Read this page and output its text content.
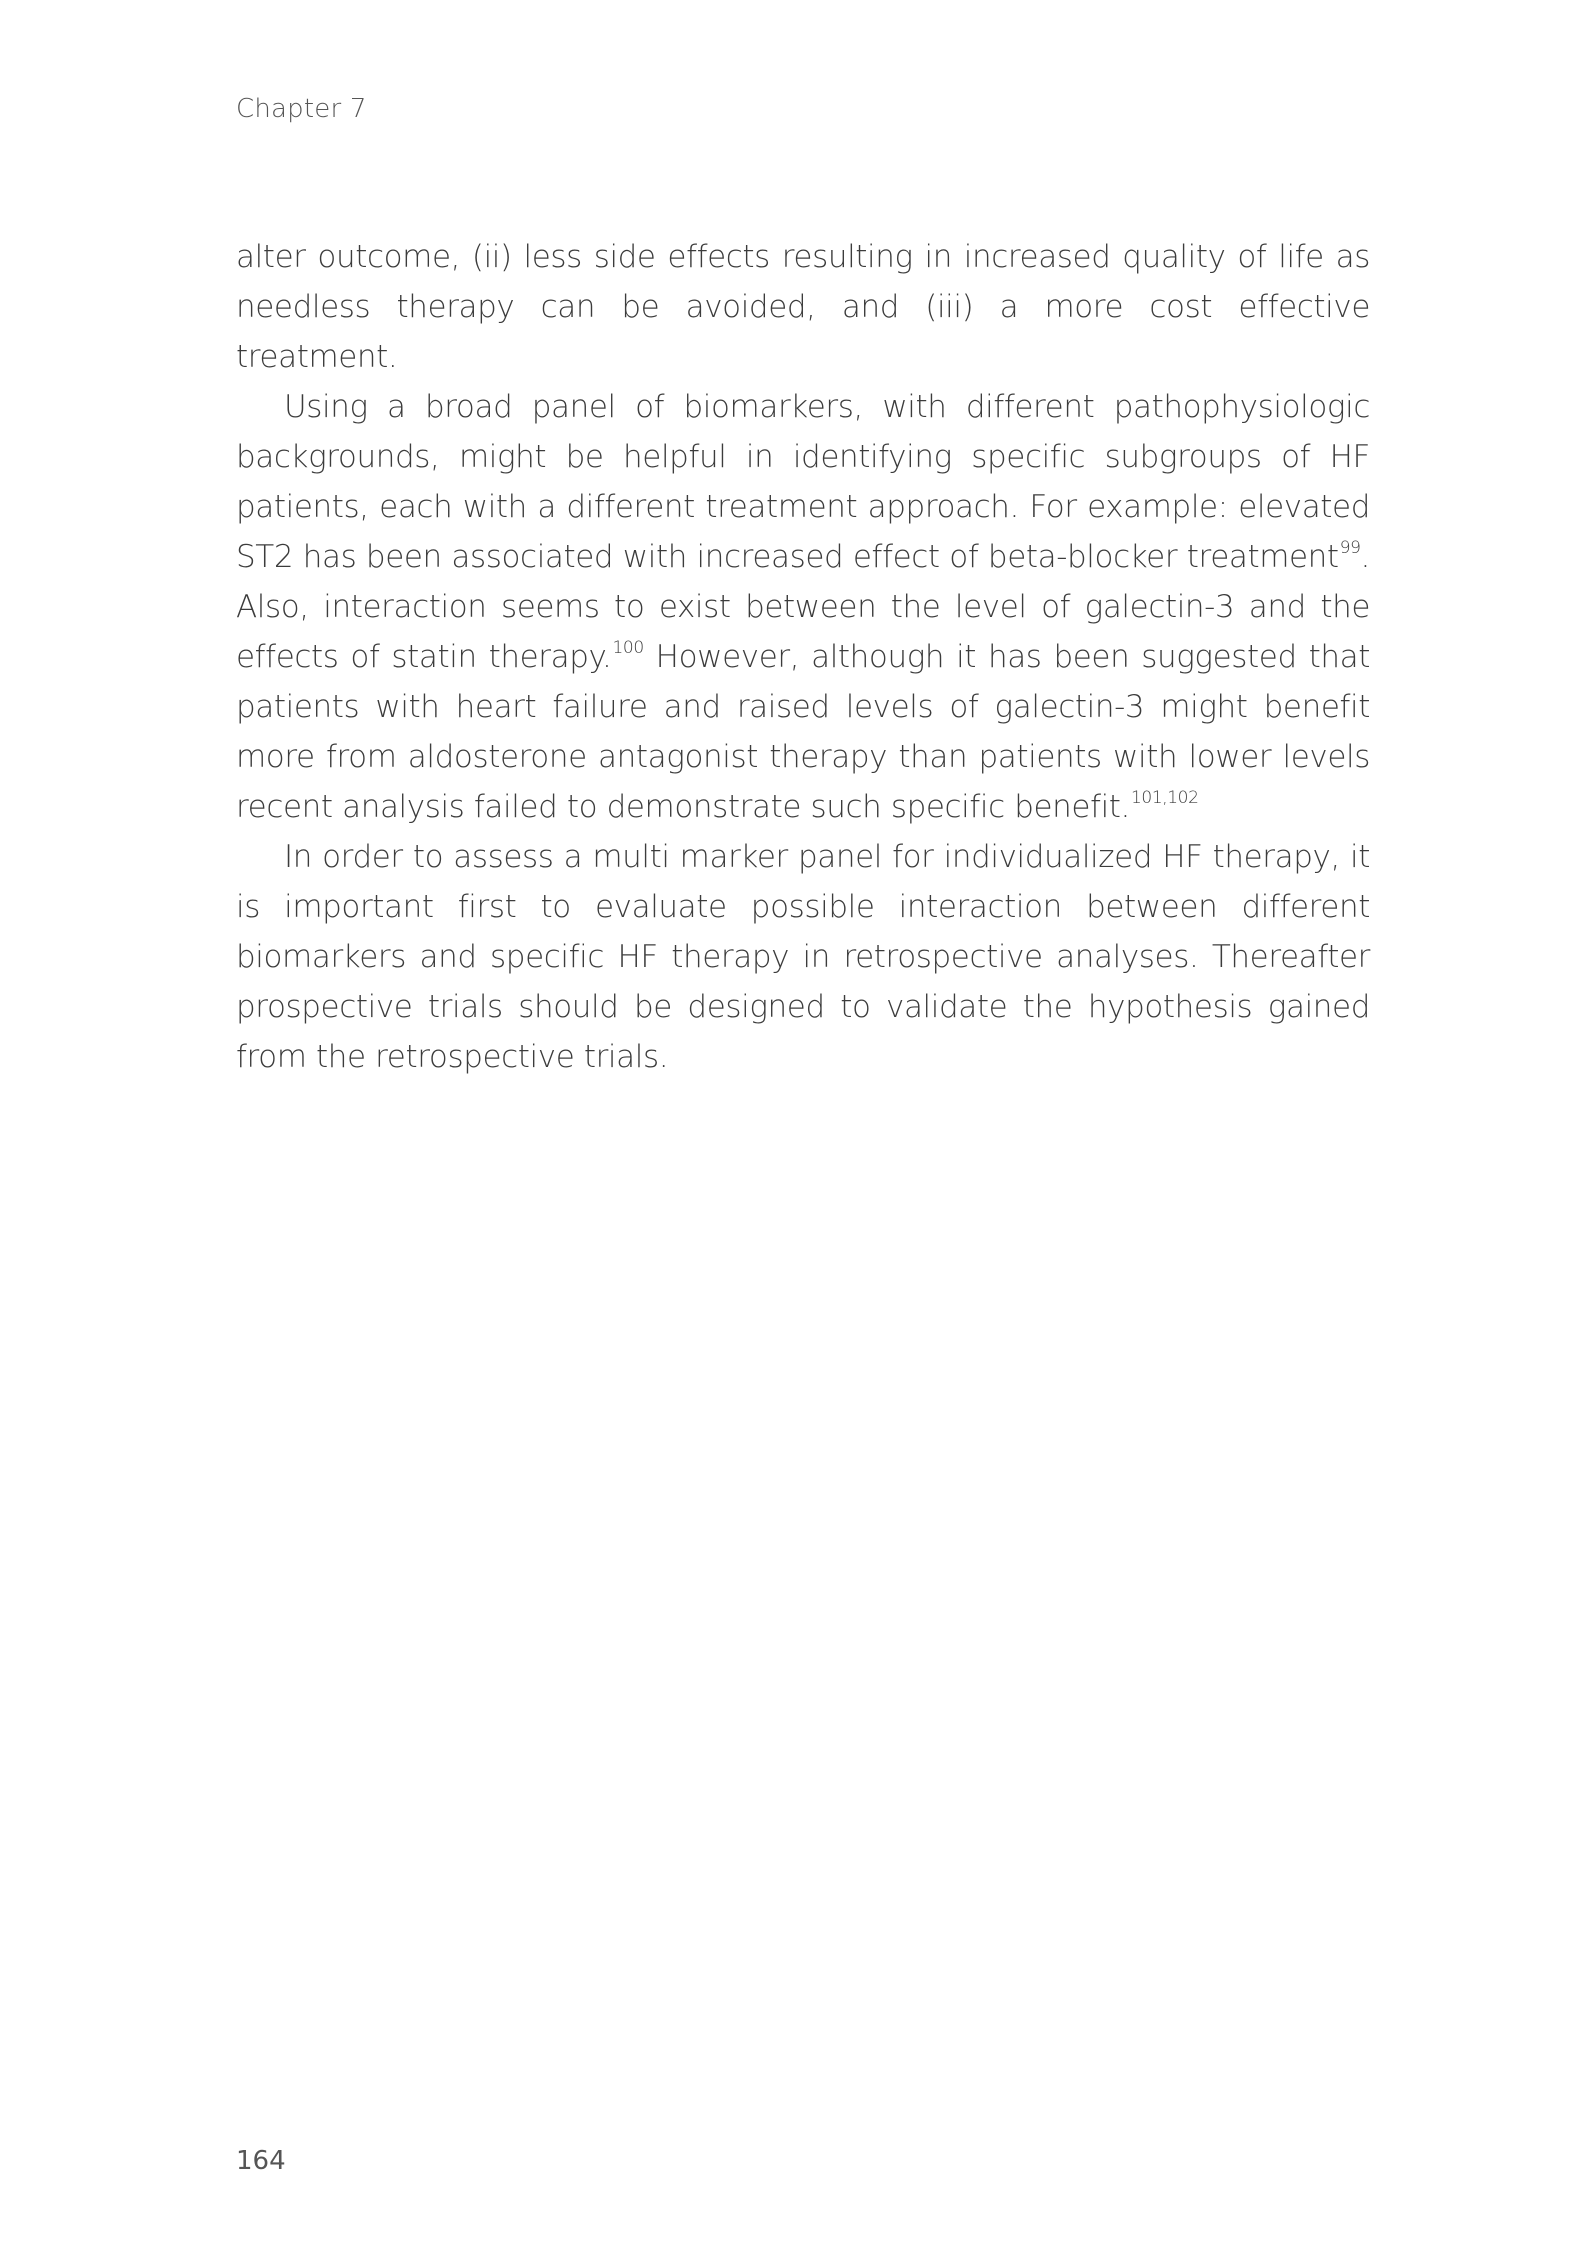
Chapter 7

alter outcome, (ii) less side effects resulting in increased quality of life as needless therapy can be avoided, and (iii) a more cost effective treatment.

Using a broad panel of biomarkers, with different pathophysiologic backgrounds, might be helpful in identifying specific subgroups of HF patients, each with a different treatment approach. For example: elevated ST2 has been associated with increased effect of beta-blocker treatment$^{99}$. Also, interaction seems to exist between the level of galectin-3 and the effects of statin therapy.$^{100}$ However, although it has been suggested that patients with heart failure and raised levels of galectin-3 might benefit more from aldosterone antagonist therapy than patients with lower levels recent analysis failed to demonstrate such specific benefit.$^{101,102}$

In order to assess a multi marker panel for individualized HF therapy, it is important first to evaluate possible interaction between different biomarkers and specific HF therapy in retrospective analyses. Thereafter prospective trials should be designed to validate the hypothesis gained from the retrospective trials.

164
